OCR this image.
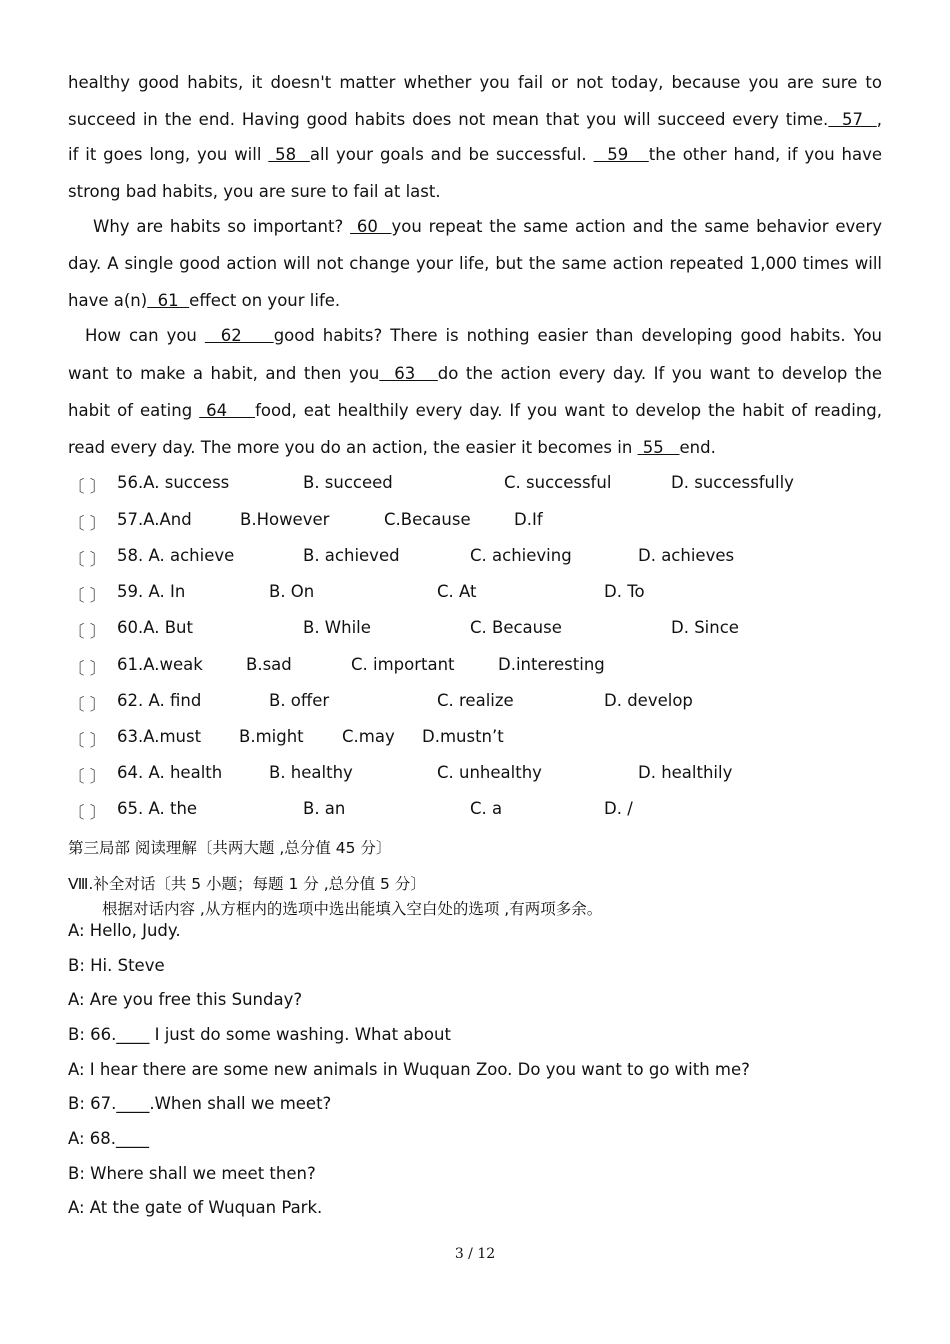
healthy good habits, it doesn't matter whether you fail or not today, because you are sure to
succeed in the end. Having good habits does not mean that you will succeed every time.  57  ,
if it goes long, you will  58  all your goals and be successful.   59   the other hand, if you have
strong bad habits, you are sure to fail at last.
Why are habits so important?  60  you repeat the same action and the same behavior every
day. A single good action will not change your life, but the same action repeated 1,000 times will
have a(n)  61  effect on your life.
How can you   62    good habits? There is nothing easier than developing good habits. You
want to make a habit, and then you  63   do the action every day. If you want to develop the
habit of eating  64    food, eat healthily every day. If you want to develop the habit of reading,
read every day. The more you do an action, the easier it becomes in  55   end.
〔 〕 56.A. success	B. succeed	C. successful	D. successfully
〔 〕 57.A.And	B.However	C.Because	D.If
〔 〕 58. A. achieve	B. achieved	C. achieving	D. achieves
〔 〕 59. A. In	B. On	C. At	D. To
〔 〕 60.A. But	B. While	C. Because	D. Since
〔 〕 61.A.weak	B.sad	C. important	D.interesting
〔 〕 62. A. find	B. offer	C. realize	D. develop
〔 〕 63.A.must B.might C.may D.mustn’t
〔 〕 64. A. health	B. healthy	C. unhealthy	D. healthily
〔 〕 65. A. the	B. an	C. a	D. /
第三局部 阅读理解〔共两大题 ,总分值 45 分〕
Ⅷ.补全对话〔共 5 小题；每题 1 分 ,总分值 5 分〕
根据对话内容 ,从方框内的选项中选出能填入空白处的选项 ,有两项多余。
A: Hello, Judy.
B: Hi. Steve
A: Are you free this Sunday?
B: 66.____ I just do some washing. What about
A: I hear there are some new animals in Wuquan Zoo. Do you want to go with me?
B: 67.____.When shall we meet?
A: 68.____
B: Where shall we meet then?
A: At the gate of Wuquan Park.
3 / 12
